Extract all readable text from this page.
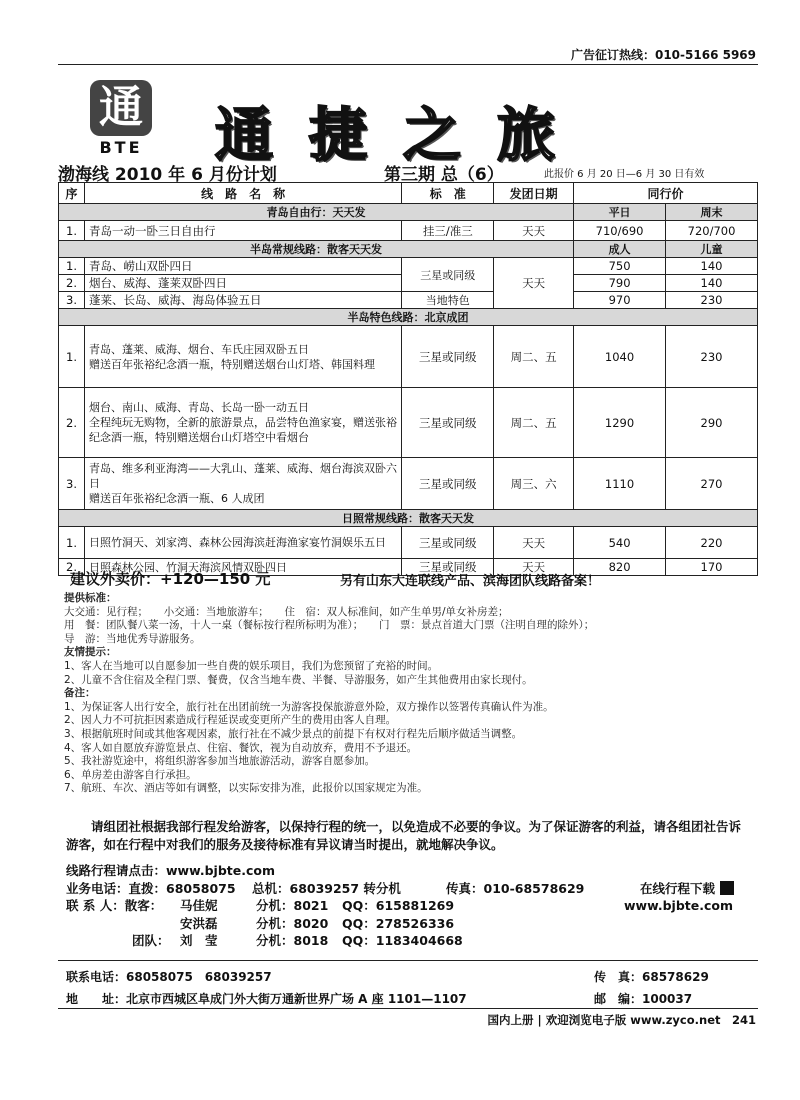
广告征订热线：010-5166 5969
通
BTE 通捷之旅
渤海线 2010 年 6 月份计划	第三期 总（6）	此报价 6 月 20 日—6 月 30 日有效
序	线　路　名　称	标　准	发团日期	同行价	
青岛自由行：天天发				平日	周末
1.	青岛一动一卧三日自由行	挂三/准三	天天	710/690	720/700
半岛常规线路：散客天天发				成人	儿童
1.	青岛、崂山双卧四日	三星或同级	天天	750	140
2.	烟台、威海、蓬莱双卧四日			790	140
3.	蓬莱、长岛、威海、海岛体验五日	当地特色		970	230
半岛特色线路：北京成团					
1.	青岛、蓬莱、威海、烟台、车氏庄园双卧五日
赠送百年张裕纪念酒一瓶，特别赠送烟台山灯塔、韩国料理	三星或同级	周二、五	1040	230
2.	烟台、南山、威海、青岛、长岛一卧一动五日
全程纯玩无购物，全新的旅游景点，品尝特色渔家宴，赠送张裕纪念酒一瓶，特别赠送烟台山灯塔空中看烟台	三星或同级	周二、五	1290	290
3.	青岛、维多利亚海湾——大乳山、蓬莱、威海、烟台海滨双卧六日
赠送百年张裕纪念酒一瓶、6 人成团	三星或同级	周三、六	1110	270
日照常规线路：散客天天发					
1.	日照竹洞天、刘家湾、森林公园海滨赶海渔家宴竹洞娱乐五日	三星或同级	天天	540	220
2.	日照森林公园、竹洞天海滨风情双卧四日	三星或同级	天天	820	170
建议外卖价：+120—150 元	另有山东大连联线产品、滨海团队线路备案！
提供标准：
大交通：见行程；　　小交通：当地旅游车；　　住　宿：双人标准间，如产生单男/单女补房差；
用　餐：团队餐八菜一汤，十人一桌（餐标按行程所标明为准）；　　门　票：景点首道大门票（注明自理的除外）；
导　游：当地优秀导游服务。
友情提示：
1、客人在当地可以自愿参加一些自费的娱乐项目，我们为您预留了充裕的时间。
2、儿童不含住宿及全程门票、餐费，仅含当地车费、半餐、导游服务，如产生其他费用由家长现付。
备注：
1、为保证客人出行安全，旅行社在出团前统一为游客投保旅游意外险，双方操作以签署传真确认件为准。
2、因人力不可抗拒因素造成行程延误或变更所产生的费用由客人自理。
3、根据航班时间或其他客观因素，旅行社在不减少景点的前提下有权对行程先后顺序做适当调整。
4、客人如自愿放弃游览景点、住宿、餐饮，视为自动放弃，费用不予退还。
5、我社游览途中，将组织游客参加当地旅游活动，游客自愿参加。
6、单房差由游客自行承担。
7、航班、车次、酒店等如有调整，以实际安排为准，此报价以国家规定为准。
请组团社根据我部行程发给游客，以保持行程的统一，以免造成不必要的争议。为了保证游客的利益，请各组团社告诉游客，如在行程中对我们的服务及接待标准有异议请当时提出，就地解决争议。
线路行程请点击：www.bjbte.com
业务电话：直拨：68058075 总机：68039257 转分机	传真：010-68578629	在线行程下载
联 系 人：散客： 马佳妮	分机：8021 QQ：615881269	www.bjbte.com
安洪磊	分机：8020 QQ：278526336
团队： 刘　莹	分机：8018 QQ：1183404668
联系电话：68058075　68039257	传　真：68578629
地　　址：北京市西城区阜成门外大街万通新世界广场 A 座 1101—1107	邮　编：100037
国内上册 | 欢迎浏览电子版 www.zyco.net　241
